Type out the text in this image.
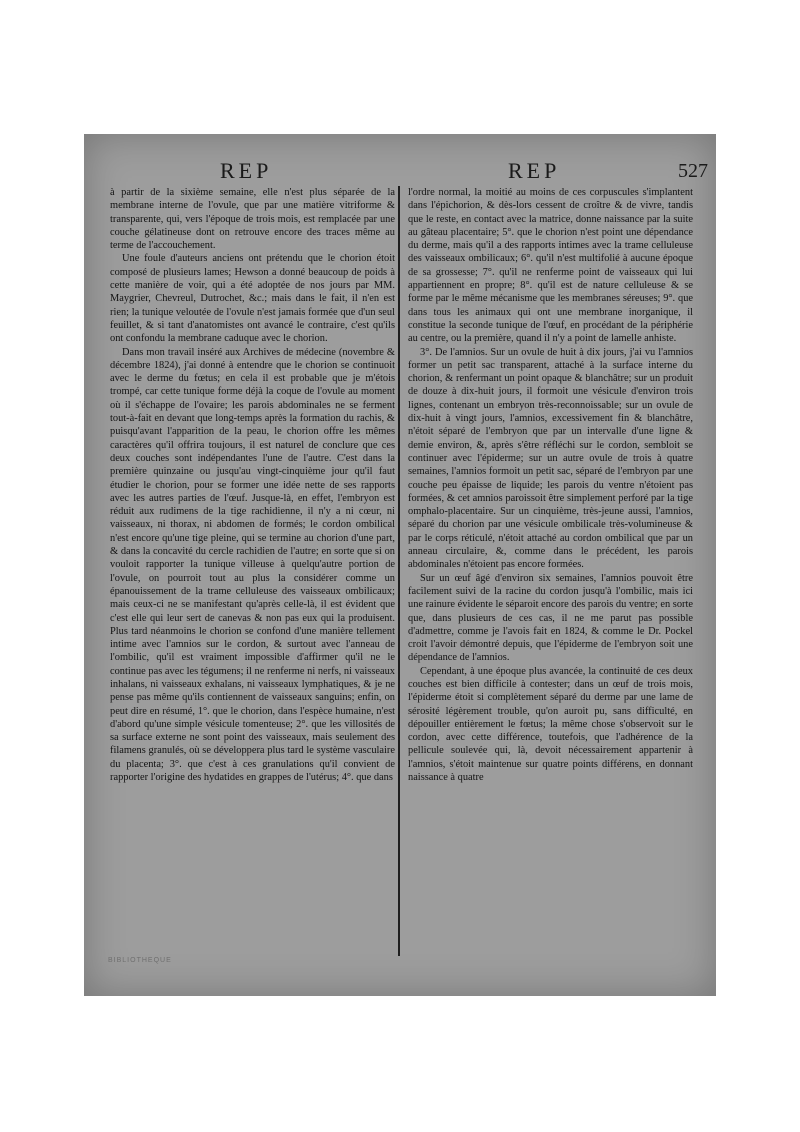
REP	REP	527

à partir de la sixième semaine, elle n'est plus séparée de la membrane interne de l'ovule, que par une matière vitriforme & transparente, qui, vers l'époque de trois mois, est remplacée par une couche gélatineuse dont on retrouve encore des traces même au terme de l'accouchement.

Une foule d'auteurs anciens ont prétendu que le chorion étoit composé de plusieurs lames; Hewson a donné beaucoup de poids à cette manière de voir, qui a été adoptée de nos jours par MM. Maygrier, Chevreul, Dutrochet, &c.; mais dans le fait, il n'en est rien; la tunique veloutée de l'ovule n'est jamais formée que d'un seul feuillet, & si tant d'anatomistes ont avancé le contraire, c'est qu'ils ont confondu la membrane caduque avec le chorion.

Dans mon travail inséré aux Archives de médecine (novembre & décembre 1824), j'ai donné à entendre que le chorion se continuoit avec le derme du fœtus; en cela il est probable que je m'étois trompé, car cette tunique forme déjà la coque de l'ovule au moment où il s'échappe de l'ovaire; les parois abdominales ne se ferment tout-à-fait en devant que long-temps après la formation du rachis, & puisqu'avant l'apparition de la peau, le chorion offre les mêmes caractères qu'il offrira toujours, il est naturel de conclure que ces deux couches sont indépendantes l'une de l'autre. C'est dans la première quinzaine ou jusqu'au vingt-cinquième jour qu'il faut étudier le chorion, pour se former une idée nette de ses rapports avec les autres parties de l'œuf. Jusque-là, en effet, l'embryon est réduit aux rudimens de la tige rachidienne, il n'y a ni cœur, ni vaisseaux, ni thorax, ni abdomen de formés; le cordon ombilical n'est encore qu'une tige pleine, qui se termine au chorion d'une part, & dans la concavité du cercle rachidien de l'autre; en sorte que si on vouloit rapporter la tunique villeuse à quelqu'autre portion de l'ovule, on pourroit tout au plus la considérer comme un épanouissement de la trame celluleuse des vaisseaux ombilicaux; mais ceux-ci ne se manifestant qu'après celle-là, il est évident que c'est elle qui leur sert de canevas & non pas eux qui la produisent. Plus tard néanmoins le chorion se confond d'une manière tellement intime avec l'amnios sur le cordon, & surtout avec l'anneau de l'ombilic, qu'il est vraiment impossible d'affirmer qu'il ne le continue pas avec les tégumens; il ne renferme ni nerfs, ni vaisseaux inhalans, ni vaisseaux exhalans, ni vaisseaux lymphatiques, & je ne pense pas même qu'ils contiennent de vaisseaux sanguins; enfin, on peut dire en résumé, 1°. que le chorion, dans l'espèce humaine, n'est d'abord qu'une simple vésicule tomenteuse; 2°. que les villosités de sa surface externe ne sont point des vaisseaux, mais seulement des filamens granulés, où se développera plus tard le système vasculaire du placenta; 3°. que c'est à ces granulations qu'il convient de rapporter l'origine des hydatides en grappes de l'utérus; 4°. que dans

l'ordre normal, la moitié au moins de ces corpuscules s'implantent dans l'épichorion, & dès-lors cessent de croître & de vivre, tandis que le reste, en contact avec la matrice, donne naissance par la suite au gâteau placentaire; 5°. que le chorion n'est point une dépendance du derme, mais qu'il a des rapports intimes avec la trame celluleuse des vaisseaux ombilicaux; 6°. qu'il n'est multifolié à aucune époque de sa grossesse; 7°. qu'il ne renferme point de vaisseaux qui lui appartiennent en propre; 8°. qu'il est de nature celluleuse & se forme par le même mécanisme que les membranes séreuses; 9°. que dans tous les animaux qui ont une membrane inorganique, il constitue la seconde tunique de l'œuf, en procédant de la périphérie au centre, ou la première, quand il n'y a point de lamelle anhiste.

3°. De l'amnios. Sur un ovule de huit à dix jours, j'ai vu l'amnios former un petit sac transparent, attaché à la surface interne du chorion, & renfermant un point opaque & blanchâtre; sur un produit de douze à dix-huit jours, il formoit une vésicule d'environ trois lignes, contenant un embryon très-reconnoissable; sur un ovule de dix-huit à vingt jours, l'amnios, excessivement fin & blanchâtre, n'étoit séparé de l'embryon que par un intervalle d'une ligne & demie environ, &, après s'être réfléchi sur le cordon, sembloit se continuer avec l'épiderme; sur un autre ovule de trois à quatre semaines, l'amnios formoit un petit sac, séparé de l'embryon par une couche peu épaisse de liquide; les parois du ventre n'étoient pas formées, & cet amnios paroissoit être simplement perforé par la tige omphalo-placentaire. Sur un cinquième, très-jeune aussi, l'amnios, séparé du chorion par une vésicule ombilicale très-volumineuse & par le corps réticulé, n'étoit attaché au cordon ombilical que par un anneau circulaire, &, comme dans le précédent, les parois abdominales n'étoient pas encore formées.

Sur un œuf âgé d'environ six semaines, l'amnios pouvoit être facilement suivi de la racine du cordon jusqu'à l'ombilic, mais ici une rainure évidente le séparoit encore des parois du ventre; en sorte que, dans plusieurs de ces cas, il ne me parut pas possible d'admettre, comme je l'avois fait en 1824, & comme le Dr. Pockel croit l'avoir démontré depuis, que l'épiderme de l'embryon soit une dépendance de l'amnios.

Cependant, à une époque plus avancée, la continuité de ces deux couches est bien difficile à contester; dans un œuf de trois mois, l'épiderme étoit si complètement séparé du derme par une lame de sérosité légèrement trouble, qu'on auroit pu, sans difficulté, en dépouiller entièrement le fœtus; la même chose s'observoit sur le cordon, avec cette différence, toutefois, que l'adhérence de la pellicule soulevée qui, là, devoit nécessairement appartenir à l'amnios, s'étoit maintenue sur quatre points différens, en donnant naissance à quatre

BIBLIOTHEQUE
